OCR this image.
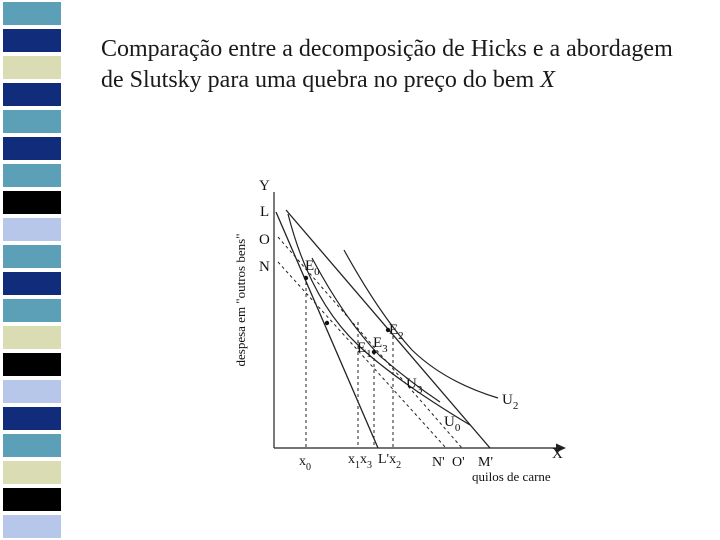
Comparação entre a decomposição de Hicks e a abordagem de Slutsky para uma quebra no preço do bem X
despesa em "outros bens"
Y
X
quilos de carne
L
O
N $E_0$
$E_1$
$E_3$
$E_2$
$U_3$
$U_2$
$U_0$
$x_0$
$x_1x_3$ $L'x_2$ N' O' M'
